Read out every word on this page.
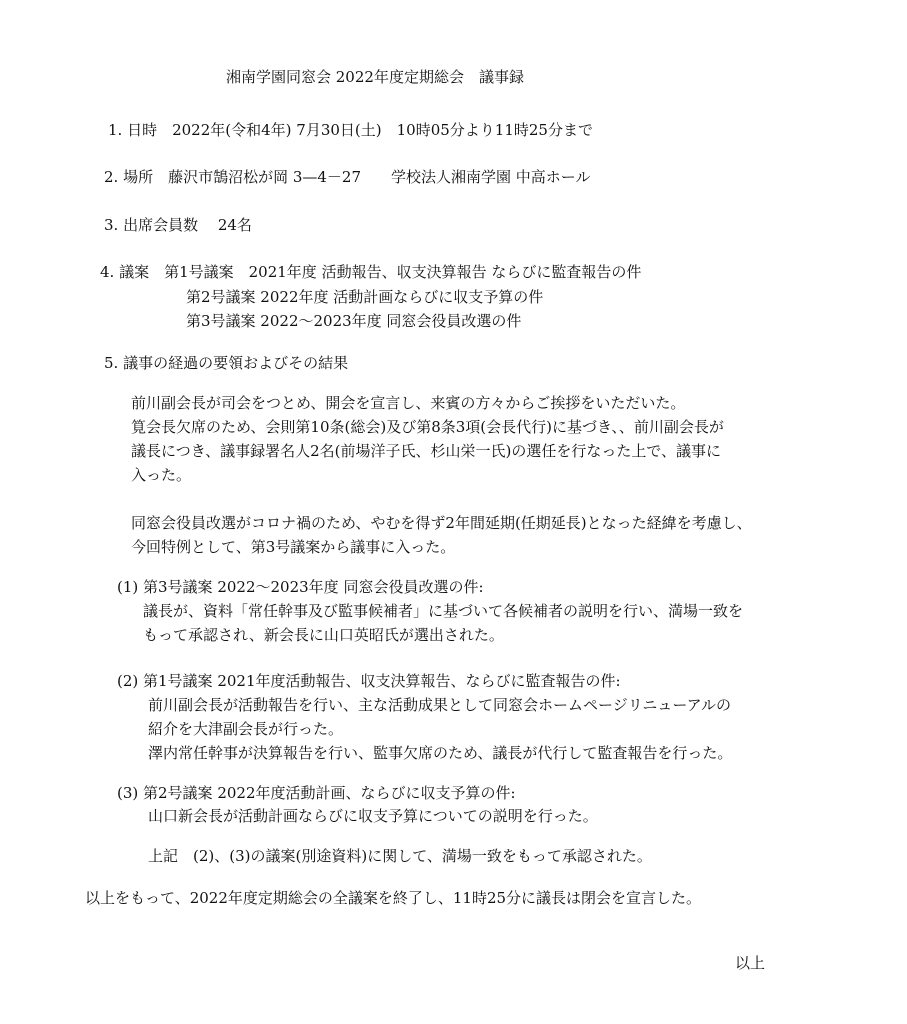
湘南学園同窓会 2022年度定期総会　議事録
1. 日時　2022年(令和4年) 7月30日(土)　10時05分より11時25分まで
2. 場所　藤沢市鵠沼松が岡 3—4－27　　学校法人湘南学園 中高ホール
3. 出席会員数　 24名
4. 議案　第1号議案　2021年度 活動報告、収支決算報告 ならびに監査報告の件
第2号議案 2022年度 活動計画ならびに収支予算の件
第3号議案 2022～2023年度 同窓会役員改選の件
5. 議事の経過の要領およびその結果
前川副会長が司会をつとめ、開会を宣言し、来賓の方々からご挨拶をいただいた。
筧会長欠席のため、会則第10条(総会)及び第8条3項(会長代行)に基づき、、前川副会長が
議長につき、議事録署名人2名(前場洋子氏、杉山栄一氏)の選任を行なった上で、議事に
入った。
同窓会役員改選がコロナ禍のため、やむを得ず2年間延期(任期延長)となった経緯を考慮し、
今回特例として、第3号議案から議事に入った。
(1) 第3号議案 2022～2023年度 同窓会役員改選の件:
議長が、資料「常任幹事及び監事候補者」に基づいて各候補者の説明を行い、満場一致を
もって承認され、新会長に山口英昭氏が選出された。
(2) 第1号議案 2021年度活動報告、収支決算報告、ならびに監査報告の件:
前川副会長が活動報告を行い、主な活動成果として同窓会ホームページリニューアルの
紹介を大津副会長が行った。
澤内常任幹事が決算報告を行い、監事欠席のため、議長が代行して監査報告を行った。
(3) 第2号議案 2022年度活動計画、ならびに収支予算の件:
山口新会長が活動計画ならびに収支予算についての説明を行った。
上記　(2)、(3)の議案(別途資料)に関して、満場一致をもって承認された。
以上をもって、2022年度定期総会の全議案を終了し、11時25分に議長は閉会を宣言した。
以上
